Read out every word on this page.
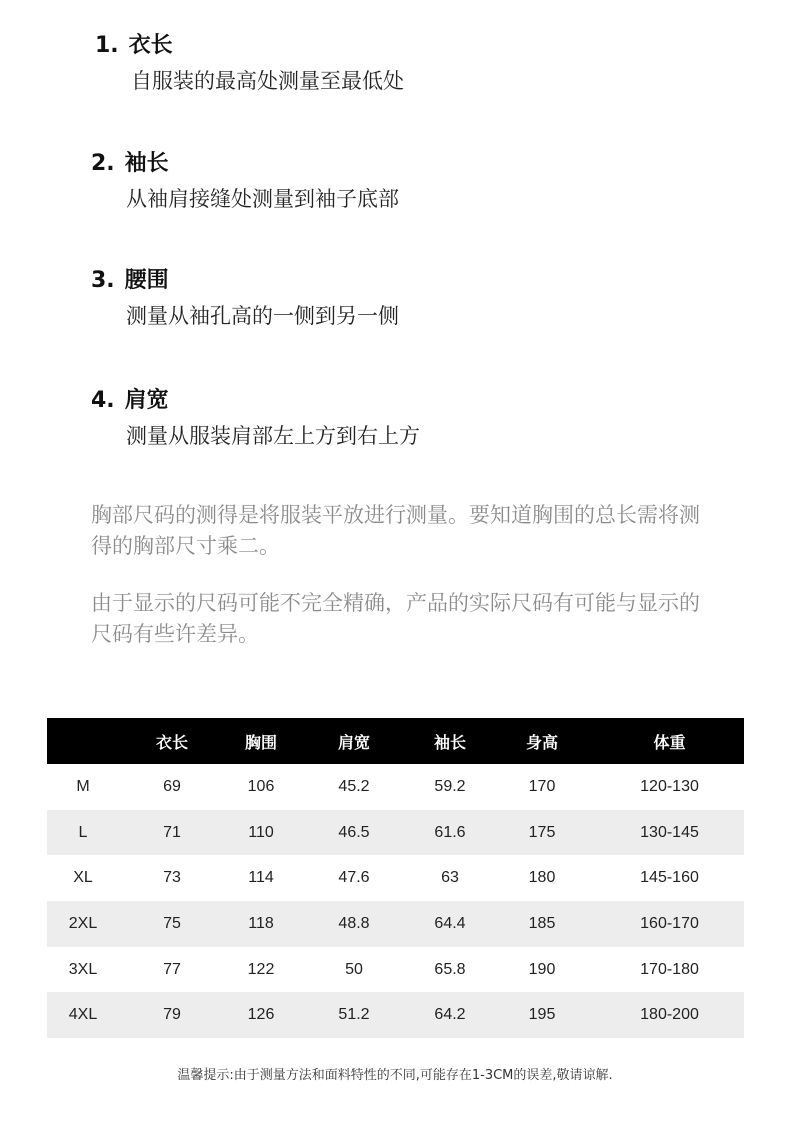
1. 衣长
自服装的最高处测量至最低处
2. 袖长
从袖肩接缝处测量到袖子底部
3. 腰围
测量从袖孔高的一侧到另一侧
4. 肩宽
测量从服装肩部左上方到右上方
胸部尺码的测得是将服装平放进行测量。要知道胸围的总长需将测得的胸部尺寸乘二。
由于显示的尺码可能不完全精确，产品的实际尺码有可能与显示的尺码有些许差异。
	衣长	胸围	肩宽	袖长	身高	体重
M	69	106	45.2	59.2	170	120-130
L	71	110	46.5	61.6	175	130-145
XL	73	114	47.6	63	180	145-160
2XL	75	118	48.8	64.4	185	160-170
3XL	77	122	50	65.8	190	170-180
4XL	79	126	51.2	64.2	195	180-200
温馨提示:由于测量方法和面料特性的不同,可能存在1-3CM的误差,敬请谅解.
